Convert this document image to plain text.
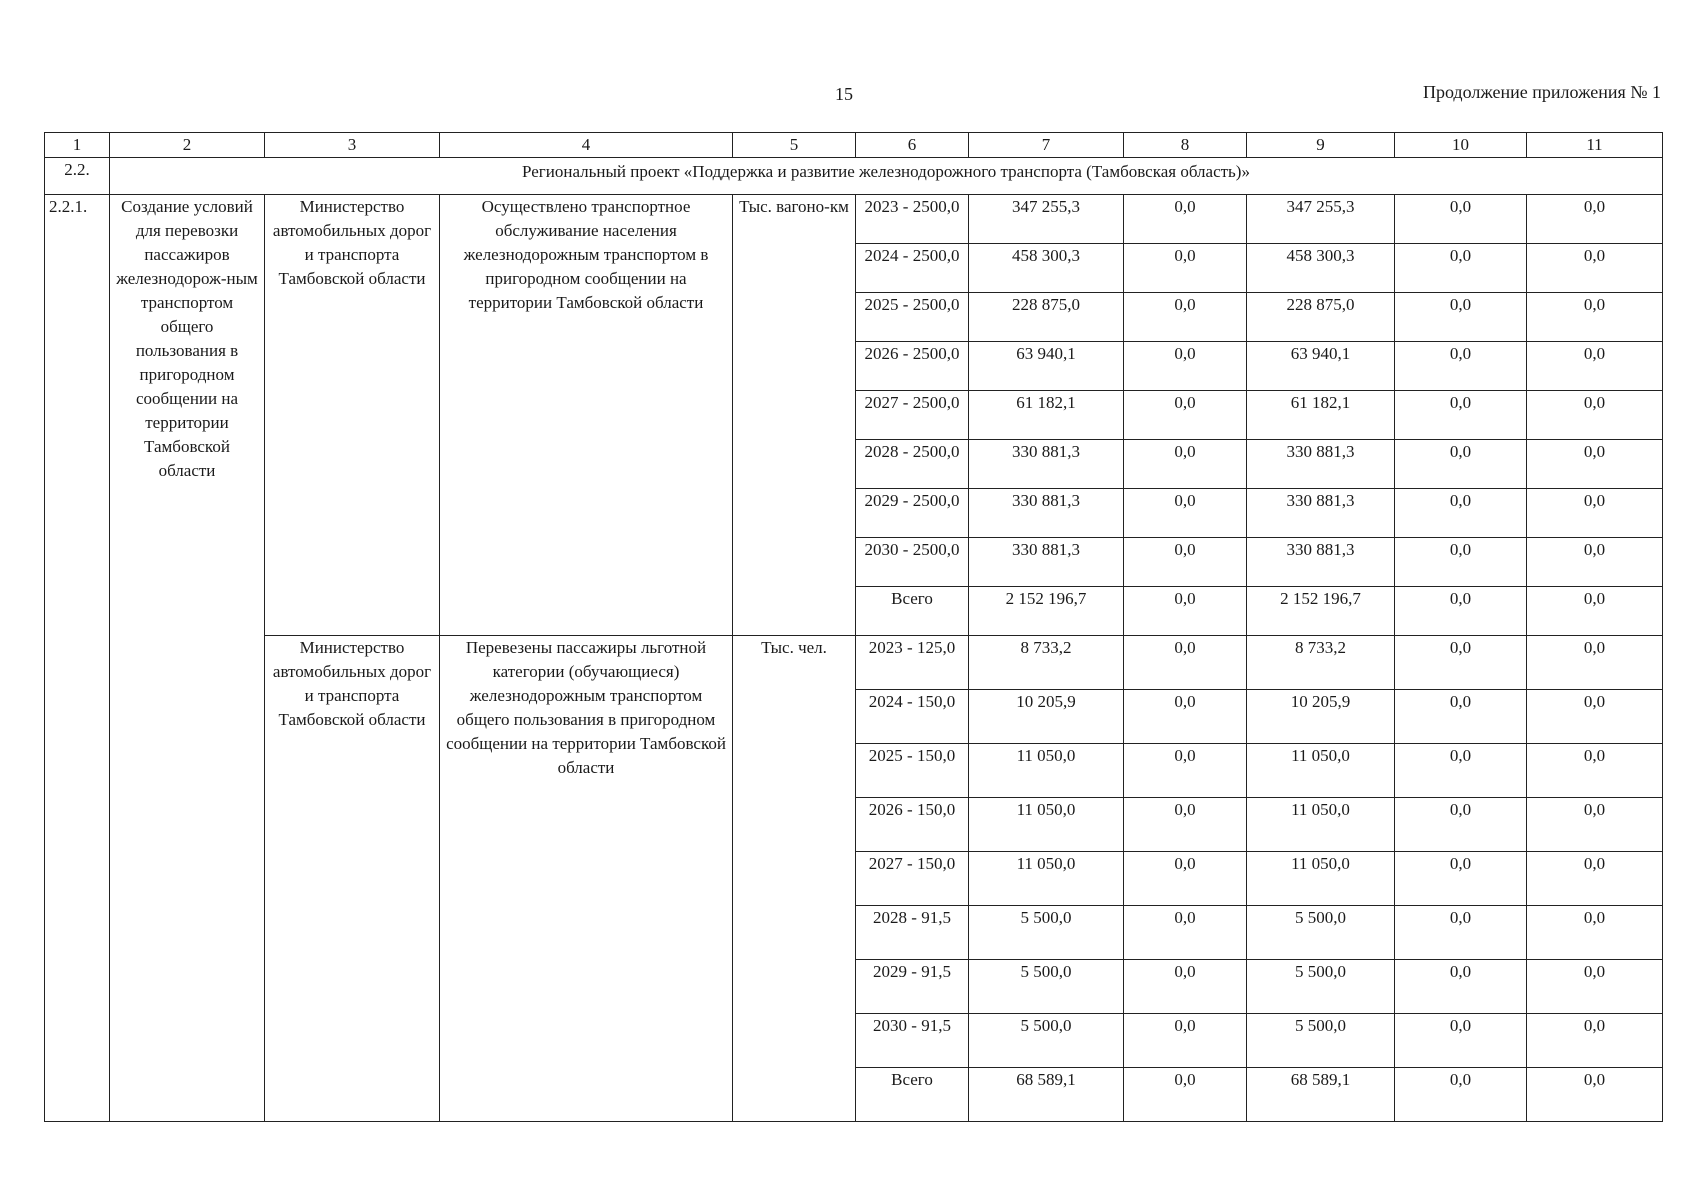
15	Продолжение приложения № 1
1	2	3	4	5	6	7	8	9	10	11
2.2.	Региональный проект «Поддержка и развитие железнодорожного транспорта (Тамбовская область)»									
2.2.1.	Создание условий для перевозки пассажиров железнодорож-ным транспортом общего пользования в пригородном сообщении на территории Тамбовской области	Министерство автомобильных дорог и транспорта Тамбовской области	Осуществлено транспортное обслуживание населения железнодорожным транспортом в пригородном сообщении на территории Тамбовской области	Тыс. вагоно-км	2023 - 2500,0	347 255,3	0,0	347 255,3	0,0	0,0
					2024 - 2500,0	458 300,3	0,0	458 300,3	0,0	0,0
					2025 - 2500,0	228 875,0	0,0	228 875,0	0,0	0,0
					2026 - 2500,0	63 940,1	0,0	63 940,1	0,0	0,0
					2027 - 2500,0	61 182,1	0,0	61 182,1	0,0	0,0
					2028 - 2500,0	330 881,3	0,0	330 881,3	0,0	0,0
					2029 - 2500,0	330 881,3	0,0	330 881,3	0,0	0,0
					2030 - 2500,0	330 881,3	0,0	330 881,3	0,0	0,0
					Всего	2 152 196,7	0,0	2 152 196,7	0,0	0,0
		Министерство автомобильных дорог и транспорта Тамбовской области	Перевезены пассажиры льготной категории (обучающиеся) железнодорожным транспортом общего пользования в пригородном сообщении на территории Тамбовской области	Тыс. чел.	2023 - 125,0	8 733,2	0,0	8 733,2	0,0	0,0
					2024 - 150,0	10 205,9	0,0	10 205,9	0,0	0,0
					2025 - 150,0	11 050,0	0,0	11 050,0	0,0	0,0
					2026 - 150,0	11 050,0	0,0	11 050,0	0,0	0,0
					2027 - 150,0	11 050,0	0,0	11 050,0	0,0	0,0
					2028 - 91,5	5 500,0	0,0	5 500,0	0,0	0,0
					2029 - 91,5	5 500,0	0,0	5 500,0	0,0	0,0
					2030 - 91,5	5 500,0	0,0	5 500,0	0,0	0,0
					Всего	68 589,1	0,0	68 589,1	0,0	0,0
